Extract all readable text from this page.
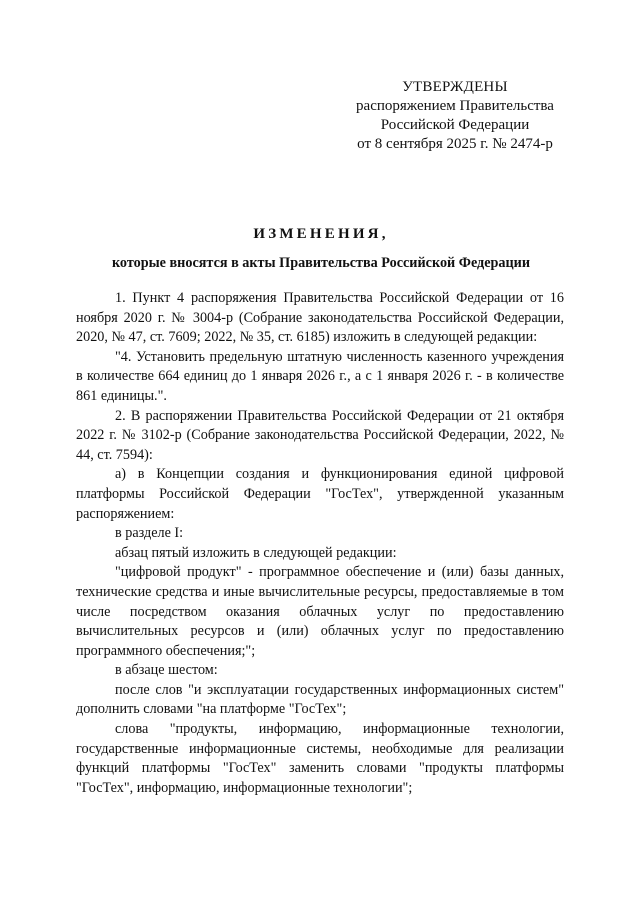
УТВЕРЖДЕНЫ
распоряжением Правительства
Российской Федерации
от 8 сентября 2025 г. № 2474-р
ИЗМЕНЕНИЯ,
которые вносятся в акты Правительства Российской Федерации

1. Пункт 4 распоряжения Правительства Российской Федерации от 16 ноября 2020 г. № 3004-р (Собрание законодательства Российской Федерации, 2020, № 47, ст. 7609; 2022, № 35, ст. 6185) изложить в следующей редакции:

"4. Установить предельную штатную численность казенного учреждения в количестве 664 единиц до 1 января 2026 г., а с 1 января 2026 г. - в количестве 861 единицы.".

2. В распоряжении Правительства Российской Федерации от 21 октября 2022 г. № 3102-р (Собрание законодательства Российской Федерации, 2022, № 44, ст. 7594):

а) в Концепции создания и функционирования единой цифровой платформы Российской Федерации "ГосТех", утвержденной указанным распоряжением:

в разделе I:

абзац пятый изложить в следующей редакции:

"цифровой продукт" - программное обеспечение и (или) базы данных, технические средства и иные вычислительные ресурсы, предоставляемые в том числе посредством оказания облачных услуг по предоставлению вычислительных ресурсов и (или) облачных услуг по предоставлению программного обеспечения;";

в абзаце шестом:

после слов "и эксплуатации государственных информационных систем" дополнить словами "на платформе "ГосТех";

слова "продукты, информацию, информационные технологии, государственные информационные системы, необходимые для реализации функций платформы "ГосТех" заменить словами "продукты платформы "ГосТех", информацию, информационные технологии";
